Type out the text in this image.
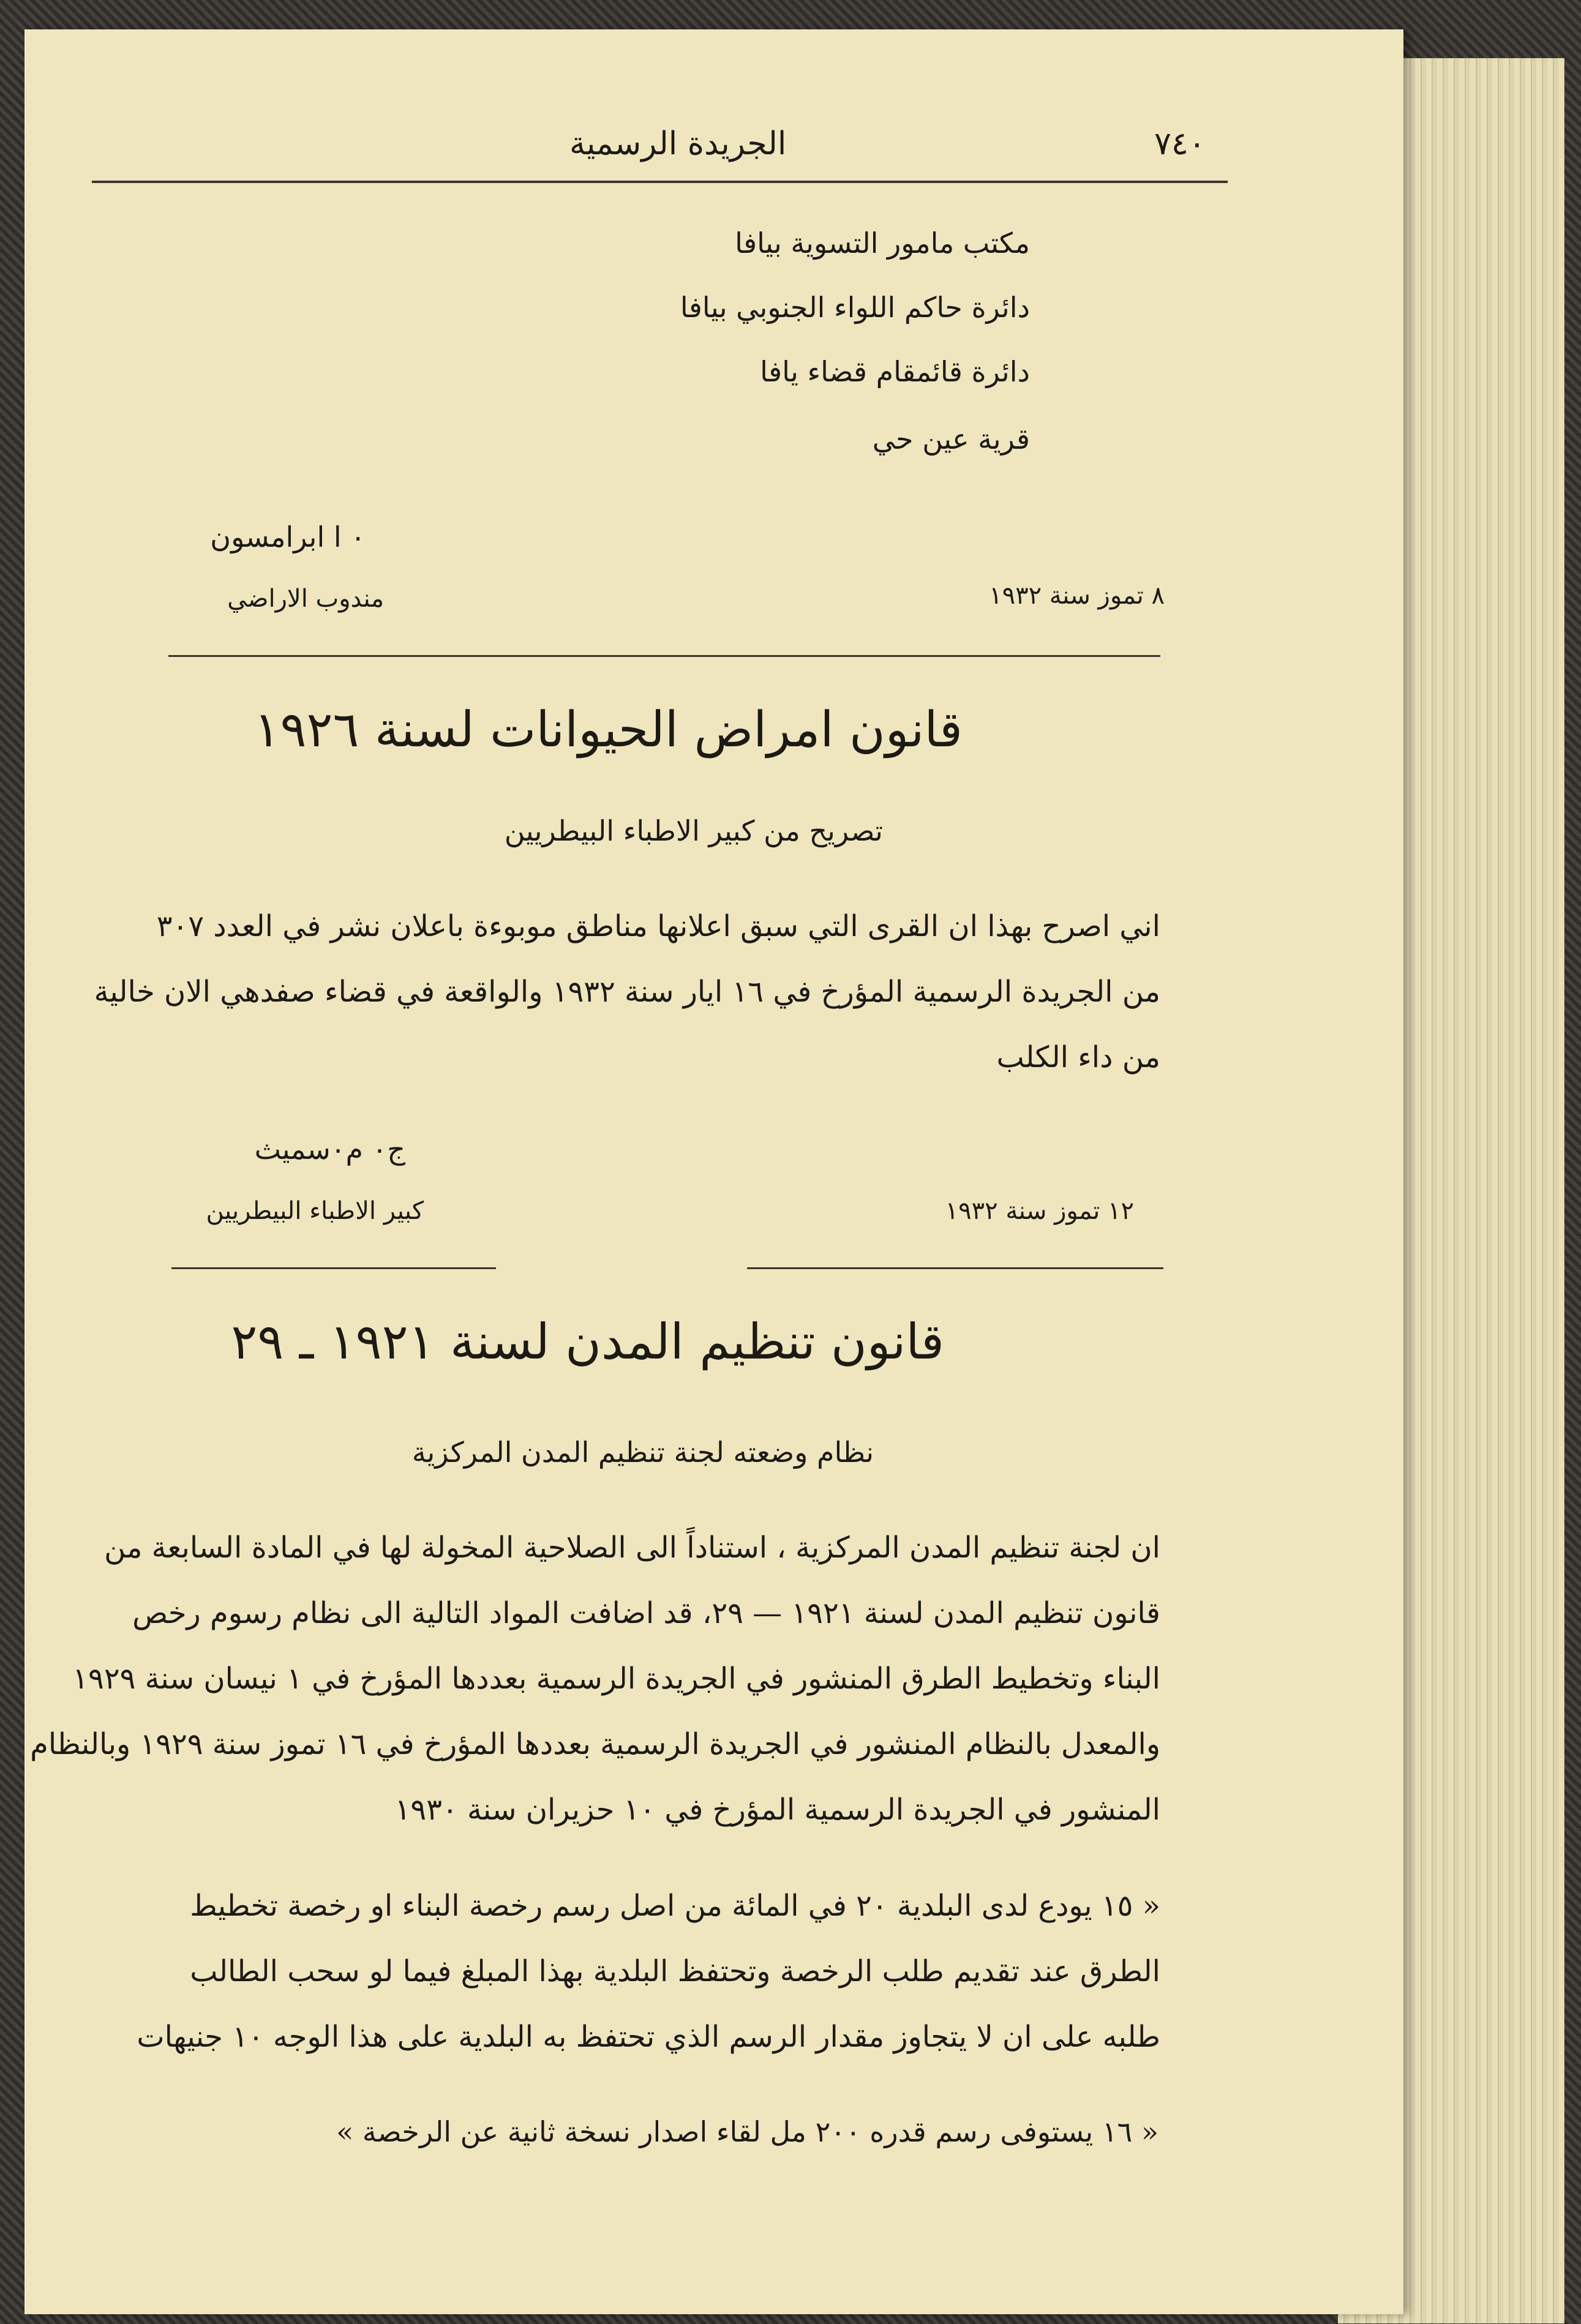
٧٤٠
الجريدة الرسمية
مكتب مامور التسوية بيافا
دائرة حاكم اللواء الجنوبي بيافا
دائرة قائمقام قضاء يافا
قرية عين حي
٠ ا ابرامسون
مندوب الاراضي	٨ تموز سنة ١٩٣٢
قانون امراض الحيوانات لسنة ١٩٢٦
تصريح من كبير الاطباء البيطريين
اني اصرح بهذا ان القرى التي سبق اعلانها مناطق موبوءة باعلان نشر في العدد ٣٠٧
من الجريدة الرسمية المؤرخ في ١٦ ايار سنة ١٩٣٢ والواقعة في قضاء صفدهي الان خالية
من داء الكلب
ج٠ م٠سميث
كبير الاطباء البيطريين	١٢ تموز سنة ١٩٣٢
قانون تنظيم المدن لسنة ١٩٢١ ـ ٢٩
نظام وضعته لجنة تنظيم المدن المركزية
ان لجنة تنظيم المدن المركزية ، استناداً الى الصلاحية المخولة لها في المادة السابعة من
قانون تنظيم المدن لسنة ١٩٢١ — ٢٩، قد اضافت المواد التالية الى نظام رسوم رخص
البناء وتخطيط الطرق المنشور في الجريدة الرسمية بعددها المؤرخ في ١ نيسان سنة ١٩٢٩
والمعدل بالنظام المنشور في الجريدة الرسمية بعددها المؤرخ في ١٦ تموز سنة ١٩٢٩ وبالنظام
المنشور في الجريدة الرسمية المؤرخ في ١٠ حزيران سنة ١٩٣٠
« ١٥ يودع لدى البلدية ٢٠ في المائة من اصل رسم رخصة البناء او رخصة تخطيط
الطرق عند تقديم طلب الرخصة وتحتفظ البلدية بهذا المبلغ فيما لو سحب الطالب
طلبه على ان لا يتجاوز مقدار الرسم الذي تحتفظ به البلدية على هذا الوجه ١٠ جنيهات
« ١٦ يستوفى رسم قدره ٢٠٠ مل لقاء اصدار نسخة ثانية عن الرخصة »
